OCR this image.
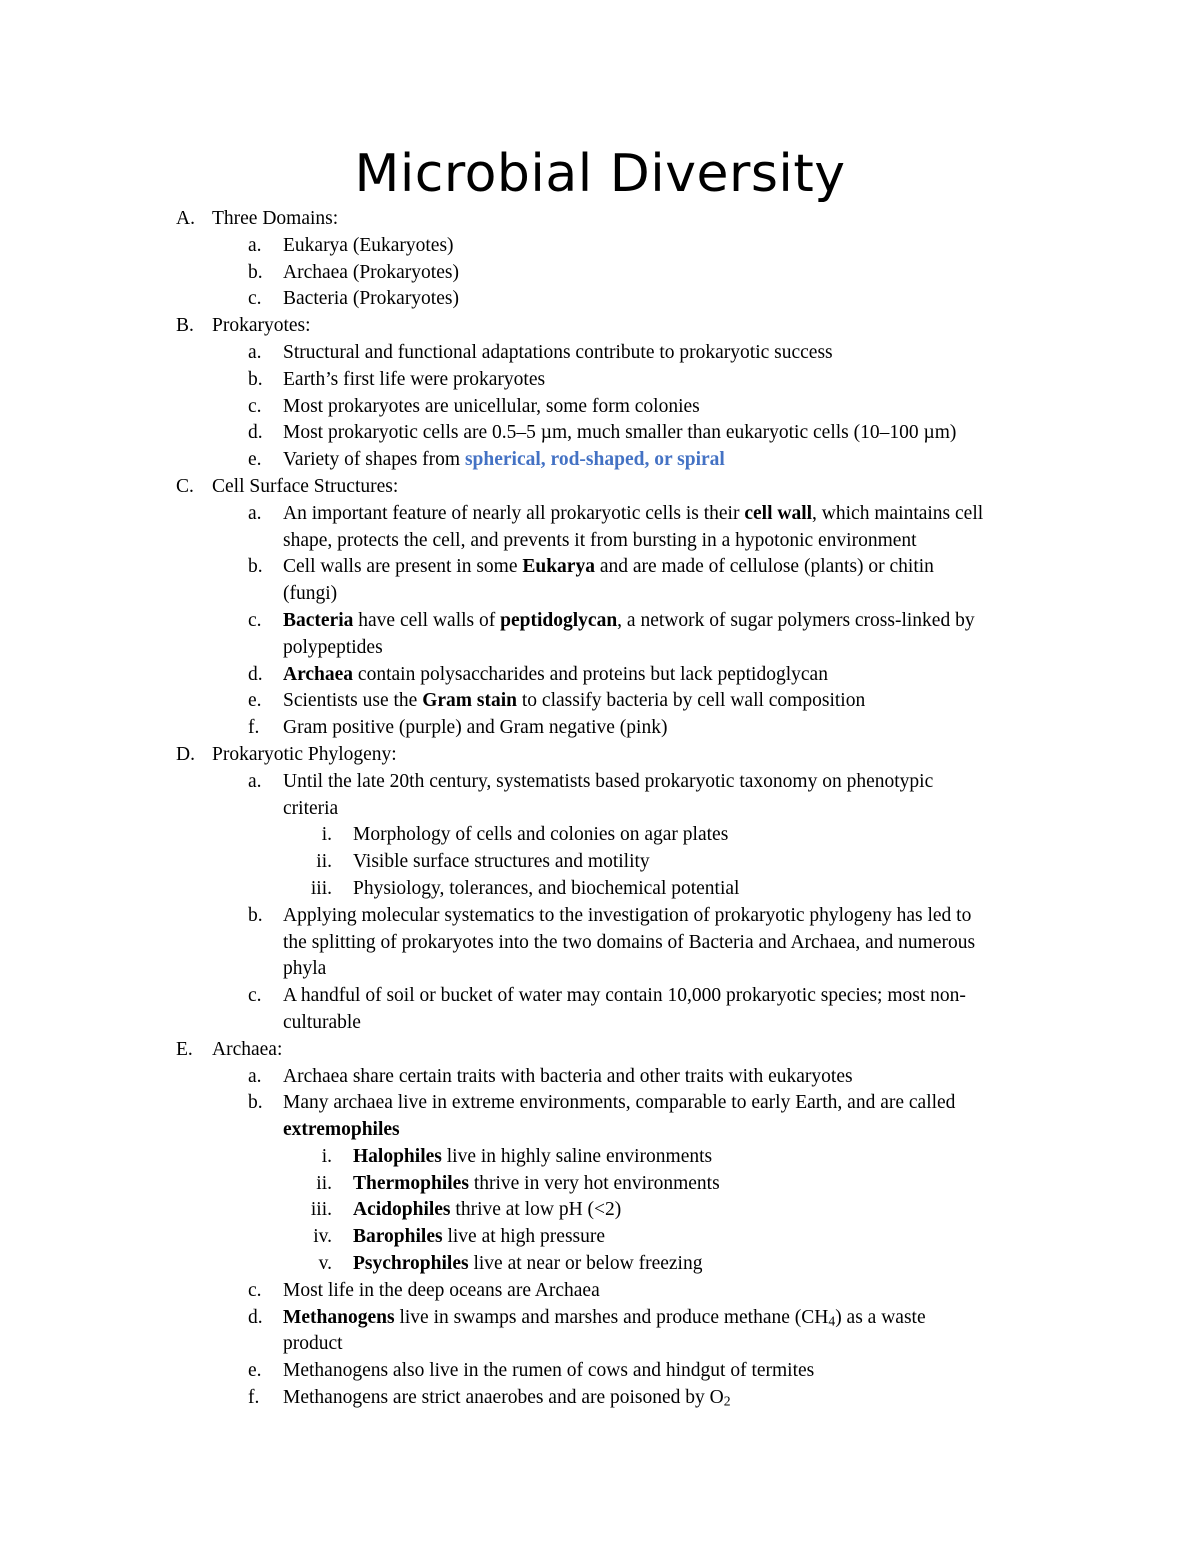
Microbial Diversity
A. Three Domains:
a. Eukarya (Eukaryotes)
b. Archaea (Prokaryotes)
c. Bacteria (Prokaryotes)
B. Prokaryotes:
a. Structural and functional adaptations contribute to prokaryotic success
b. Earth’s first life were prokaryotes
c. Most prokaryotes are unicellular, some form colonies
d. Most prokaryotic cells are 0.5–5 µm, much smaller than eukaryotic cells (10–100 µm)
e. Variety of shapes from spherical, rod-shaped, or spiral
C. Cell Surface Structures:
a. An important feature of nearly all prokaryotic cells is their cell wall, which maintains cell
shape, protects the cell, and prevents it from bursting in a hypotonic environment
b. Cell walls are present in some Eukarya and are made of cellulose (plants) or chitin
(fungi)
c. Bacteria have cell walls of peptidoglycan, a network of sugar polymers cross-linked by
polypeptides
d. Archaea contain polysaccharides and proteins but lack peptidoglycan
e. Scientists use the Gram stain to classify bacteria by cell wall composition
f. Gram positive (purple) and Gram negative (pink)
D. Prokaryotic Phylogeny:
a. Until the late 20th century, systematists based prokaryotic taxonomy on phenotypic
criteria
i. Morphology of cells and colonies on agar plates
ii. Visible surface structures and motility
iii. Physiology, tolerances, and biochemical potential
b. Applying molecular systematics to the investigation of prokaryotic phylogeny has led to
the splitting of prokaryotes into the two domains of Bacteria and Archaea, and numerous
phyla
c. A handful of soil or bucket of water may contain 10,000 prokaryotic species; most non-
culturable
E. Archaea:
a. Archaea share certain traits with bacteria and other traits with eukaryotes
b. Many archaea live in extreme environments, comparable to early Earth, and are called
extremophiles
i. Halophiles live in highly saline environments
ii. Thermophiles thrive in very hot environments
iii. Acidophiles thrive at low pH (<2)
iv. Barophiles live at high pressure
v. Psychrophiles live at near or below freezing
c. Most life in the deep oceans are Archaea
d. Methanogens live in swamps and marshes and produce methane $(CH_4)$ as a waste
product
e. Methanogens also live in the rumen of cows and hindgut of termites
f. Methanogens are strict anaerobes and are poisoned by $O_2$
